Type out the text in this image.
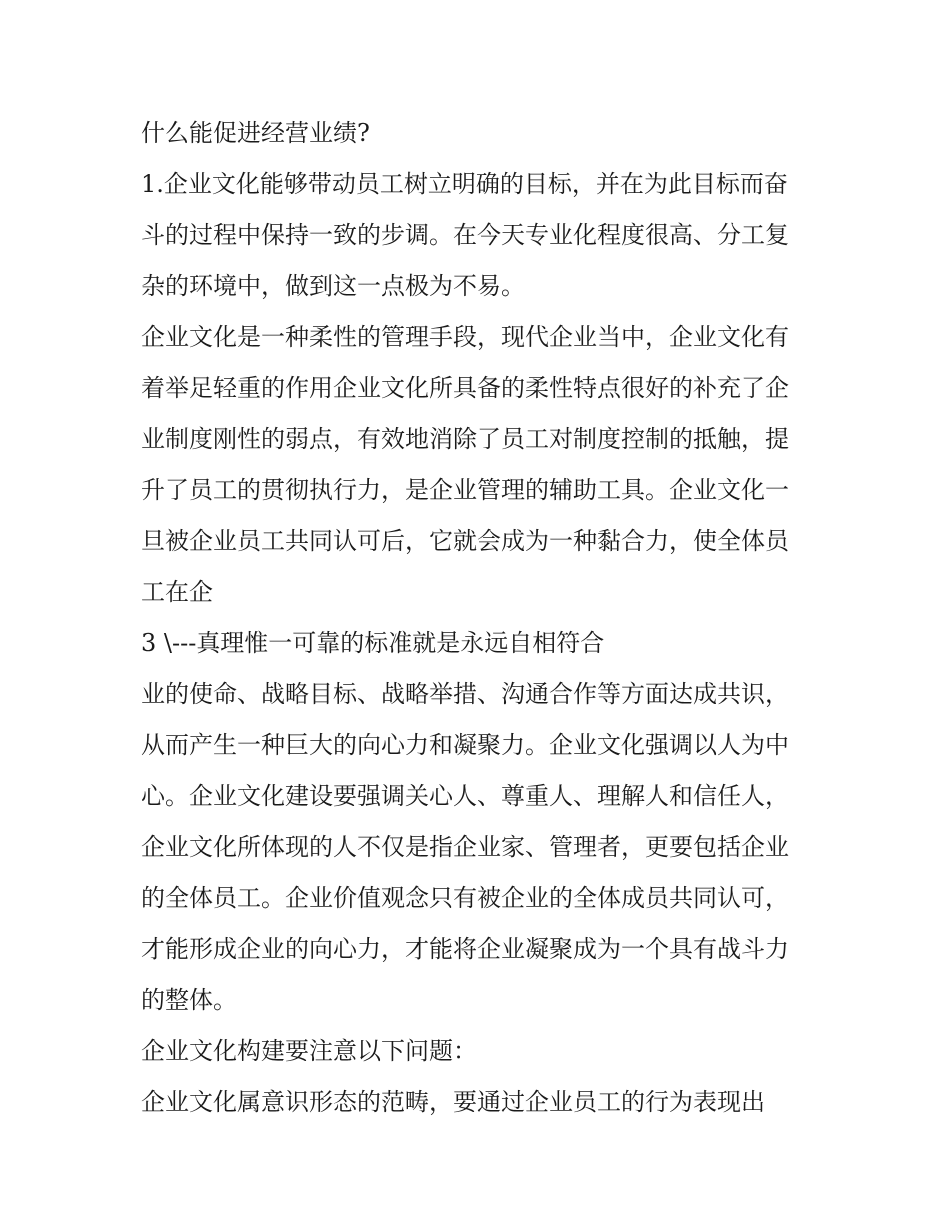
什么能促进经营业绩?
1.企业文化能够带动员工树立明确的目标，并在为此目标而奋
斗的过程中保持一致的步调。在今天专业化程度很高、分工复
杂的环境中，做到这一点极为不易。
企业文化是一种柔性的管理手段，现代企业当中，企业文化有
着举足轻重的作用企业文化所具备的柔性特点很好的补充了企
业制度刚性的弱点，有效地消除了员工对制度控制的抵触，提
升了员工的贯彻执行力，是企业管理的辅助工具。企业文化一
旦被企业员工共同认可后，它就会成为一种黏合力，使全体员
工在企
3 \---真理惟一可靠的标准就是永远自相符合
业的使命、战略目标、战略举措、沟通合作等方面达成共识，
从而产生一种巨大的向心力和凝聚力。企业文化强调以人为中
心。企业文化建设要强调关心人、尊重人、理解人和信任人，
企业文化所体现的人不仅是指企业家、管理者，更要包括企业
的全体员工。企业价值观念只有被企业的全体成员共同认可，
才能形成企业的向心力，才能将企业凝聚成为一个具有战斗力
的整体。
企业文化构建要注意以下问题：
企业文化属意识形态的范畴，要通过企业员工的行为表现出
